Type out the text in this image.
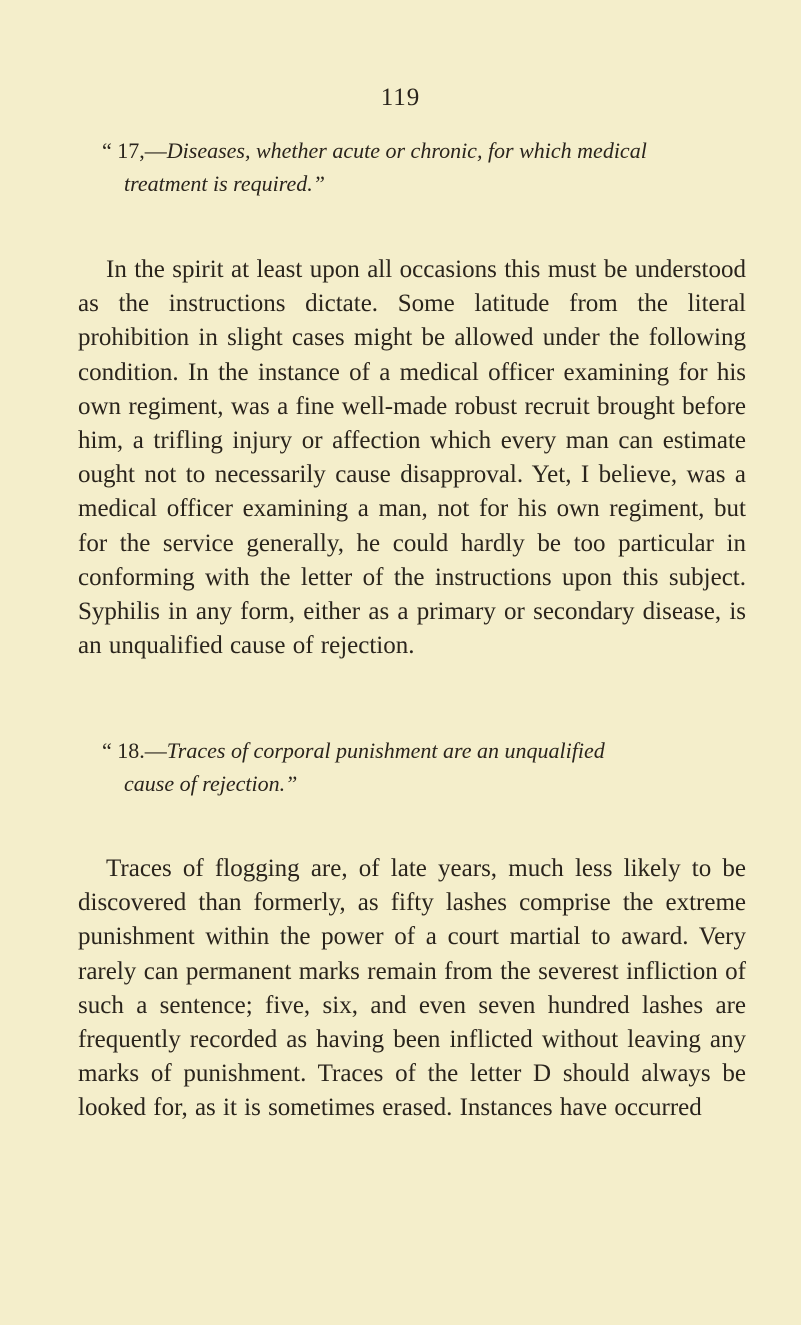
119
“ 17,—Diseases, whether acute or chronic, for which medical
treatment is required.”

In the spirit at least upon all occasions this must be understood as the instructions dictate. Some latitude from the literal prohibition in slight cases might be allowed under the following condition. In the instance of a medical officer examining for his own regiment, was a fine well-made robust recruit brought before him, a trifling injury or affection which every man can estimate ought not to necessarily cause disapproval. Yet, I believe, was a medical officer examining a man, not for his own regiment, but for the service generally, he could hardly be too particular in conforming with the letter of the instructions upon this subject. Syphilis in any form, either as a primary or secondary disease, is an unqualified cause of rejection.

“ 18.—Traces of corporal punishment are an unqualified
cause of rejection.”

Traces of flogging are, of late years, much less likely to be discovered than formerly, as fifty lashes comprise the extreme punishment within the power of a court martial to award. Very rarely can permanent marks remain from the severest infliction of such a sentence; five, six, and even seven hundred lashes are frequently recorded as having been inflicted without leaving any marks of punishment. Traces of the letter D should always be looked for, as it is sometimes erased. Instances have occurred
